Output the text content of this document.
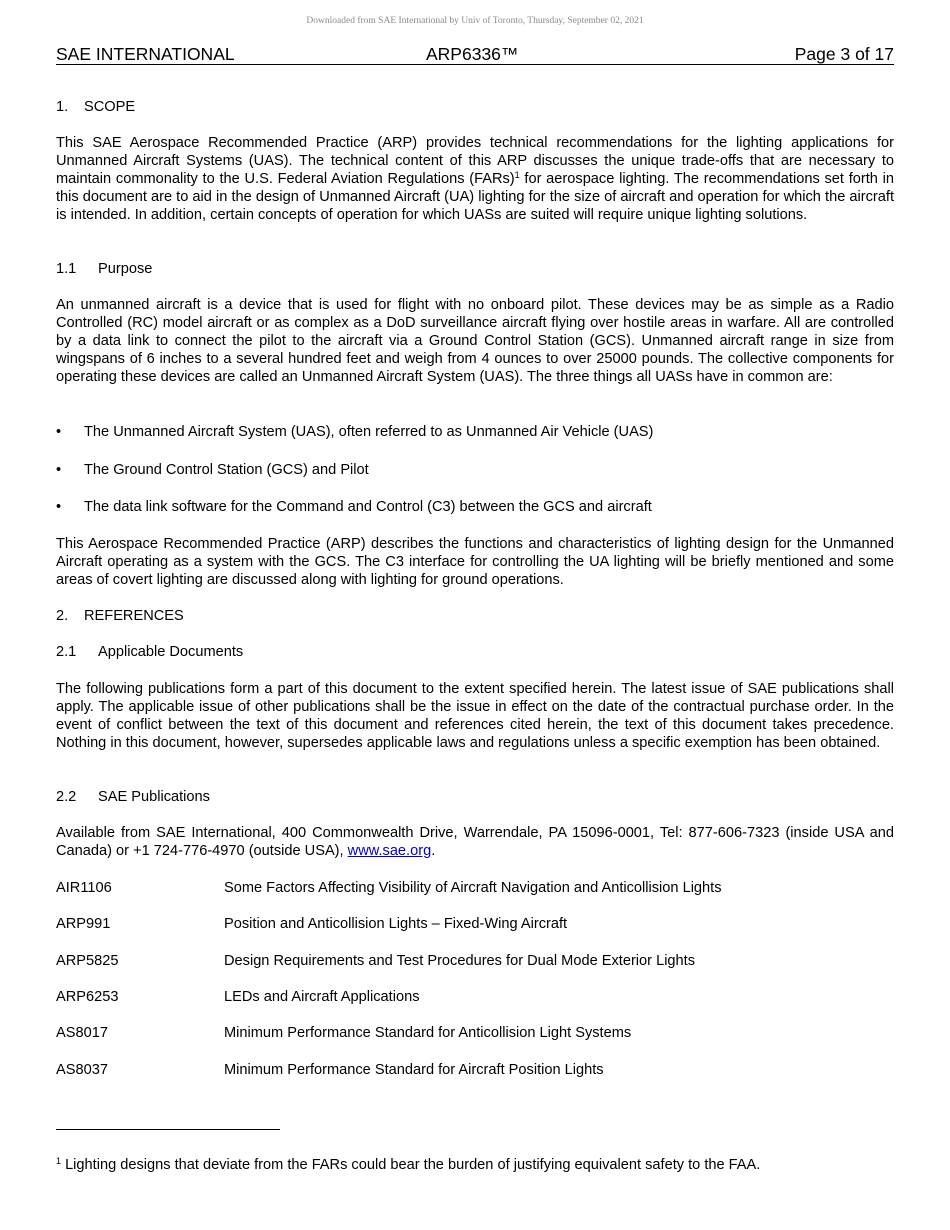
Downloaded from SAE International by Univ of Toronto, Thursday, September 02, 2021
SAE INTERNATIONAL	ARP6336™	Page 3 of 17
1. SCOPE
This SAE Aerospace Recommended Practice (ARP) provides technical recommendations for the lighting applications for Unmanned Aircraft Systems (UAS). The technical content of this ARP discusses the unique trade-offs that are necessary to maintain commonality to the U.S. Federal Aviation Regulations (FARs)$^1$ for aerospace lighting. The recommendations set forth in this document are to aid in the design of Unmanned Aircraft (UA) lighting for the size of aircraft and operation for which the aircraft is intended. In addition, certain concepts of operation for which UASs are suited will require unique lighting solutions.
1.1 Purpose
An unmanned aircraft is a device that is used for flight with no onboard pilot. These devices may be as simple as a Radio Controlled (RC) model aircraft or as complex as a DoD surveillance aircraft flying over hostile areas in warfare. All are controlled by a data link to connect the pilot to the aircraft via a Ground Control Station (GCS). Unmanned aircraft range in size from wingspans of 6 inches to a several hundred feet and weigh from 4 ounces to over 25000 pounds. The collective components for operating these devices are called an Unmanned Aircraft System (UAS). The three things all UASs have in common are:
• The Unmanned Aircraft System (UAS), often referred to as Unmanned Air Vehicle (UAS)
• The Ground Control Station (GCS) and Pilot
• The data link software for the Command and Control (C3) between the GCS and aircraft
This Aerospace Recommended Practice (ARP) describes the functions and characteristics of lighting design for the Unmanned Aircraft operating as a system with the GCS. The C3 interface for controlling the UA lighting will be briefly mentioned and some areas of covert lighting are discussed along with lighting for ground operations.
2. REFERENCES
2.1 Applicable Documents
The following publications form a part of this document to the extent specified herein. The latest issue of SAE publications shall apply. The applicable issue of other publications shall be the issue in effect on the date of the contractual purchase order. In the event of conflict between the text of this document and references cited herein, the text of this document takes precedence. Nothing in this document, however, supersedes applicable laws and regulations unless a specific exemption has been obtained.
2.2 SAE Publications
Available from SAE International, 400 Commonwealth Drive, Warrendale, PA 15096-0001, Tel: 877-606-7323 (inside USA and Canada) or +1 724-776-4970 (outside USA), www.sae.org.
AIR1106	Some Factors Affecting Visibility of Aircraft Navigation and Anticollision Lights
ARP991	Position and Anticollision Lights – Fixed-Wing Aircraft
ARP5825	Design Requirements and Test Procedures for Dual Mode Exterior Lights
ARP6253	LEDs and Aircraft Applications
AS8017	Minimum Performance Standard for Anticollision Light Systems
AS8037	Minimum Performance Standard for Aircraft Position Lights
$^1$ Lighting designs that deviate from the FARs could bear the burden of justifying equivalent safety to the FAA.
